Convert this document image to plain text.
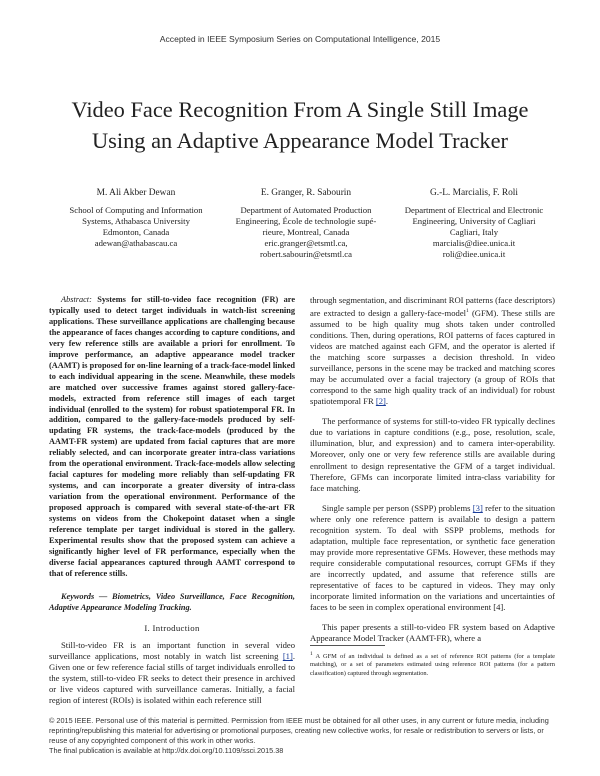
Accepted in IEEE Symposium Series on Computational Intelligence, 2015
Video Face Recognition From A Single Still Image
Using an Adaptive Appearance Model Tracker
M. Ali Akber Dewan
School of Computing and Information
Systems, Athabasca University
Edmonton, Canada
adewan@athabascau.ca
E. Granger, R. Sabourin
Department of Automated Production
Engineering, École de technologie supé-
rieure, Montreal, Canada
eric.granger@etsmtl.ca,
robert.sabourin@etsmtl.ca
G.-L. Marcialis, F. Roli
Department of Electrical and Electronic
Engineering, University of Cagliari
Cagliari, Italy
marcialis@diee.unica.it
roli@diee.unica.it

Abstract: Systems for still-to-video face recognition (FR) are typically used to detect target individuals in watch-list screening applications. These surveillance applications are challenging because the appearance of faces changes according to capture conditions, and very few reference stills are available a priori for enrollment. To improve performance, an adaptive appearance model tracker (AAMT) is proposed for on-line learning of a track-face-model linked to each individual appearing in the scene. Meanwhile, these models are matched over successive frames against stored gallery-face-models, extracted from reference still images of each target individual (enrolled to the system) for robust spatiotemporal FR. In addition, compared to the gallery-face-models produced by self-updating FR systems, the track-face-models (produced by the AAMT-FR system) are updated from facial captures that are more reliably selected, and can incorporate greater intra-class variations from the operational environment. Track-face-models allow selecting facial captures for modeling more reliably than self-updating FR systems, and can incorporate a greater diversity of intra-class variation from the operational environment. Performance of the proposed approach is compared with several state-of-the-art FR systems on videos from the Chokepoint dataset when a single reference template per target individual is stored in the gallery. Experimental results show that the proposed system can achieve a significantly higher level of FR performance, especially when the diverse facial appearances captured through AAMT correspond to that of reference stills.

Keywords — Biometrics, Video Surveillance, Face Recognition, Adaptive Appearance Modeling Tracking.

I. Introduction

Still-to-video FR is an important function in several video surveillance applications, most notably in watch list screening [1]. Given one or few reference facial stills of target individuals enrolled to the system, still-to-video FR seeks to detect their presence in archived or live videos captured with surveillance cameras. Initially, a facial region of interest (ROIs) is isolated within each reference still

through segmentation, and discriminant ROI patterns (face descriptors) are extracted to design a gallery-face-model$^1$ (GFM). These stills are assumed to be high quality mug shots taken under controlled conditions. Then, during operations, ROI patterns of faces captured in videos are matched against each GFM, and the operator is alerted if the matching score surpasses a decision threshold. In video surveillance, persons in the scene may be tracked and matching scores may be accumulated over a facial trajectory (a group of ROIs that correspond to the same high quality track of an individual) for robust spatiotemporal FR [2].

The performance of systems for still-to-video FR typically declines due to variations in capture conditions (e.g., pose, resolution, scale, illumination, blur, and expression) and to camera inter-operability. Moreover, only one or very few reference stills are available during enrollment to design representative the GFM of a target individual. Therefore, GFMs can incorporate limited intra-class variability for face matching.

Single sample per person (SSPP) problems [3] refer to the situation where only one reference pattern is available to design a pattern recognition system. To deal with SSPP problems, methods for adaptation, multiple face representation, or synthetic face generation may provide more representative GFMs. However, these methods may require considerable computational resources, corrupt GFMs if they are incorrectly updated, and assume that reference stills are representative of faces to be captured in videos. They may only incorporate limited information on the variations and uncertainties of faces to be seen in complex operational environment [4].

This paper presents a still-to-video FR system based on Adaptive Appearance Model Tracker (AAMT-FR), where a

1 A GFM of an individual is defined as a set of reference ROI patterns (for a template matching), or a set of parameters estimated using reference ROI patterns (for a pattern classification) captured through segmentation.
© 2015 IEEE. Personal use of this material is permitted. Permission from IEEE must be obtained for all other uses, in any current or future media, including reprinting/republishing this material for advertising or promotional purposes, creating new collective works, for resale or redistribution to servers or lists, or reuse of any copyrighted component of this work in other works.
The final publication is available at http://dx.doi.org/10.1109/ssci.2015.38
